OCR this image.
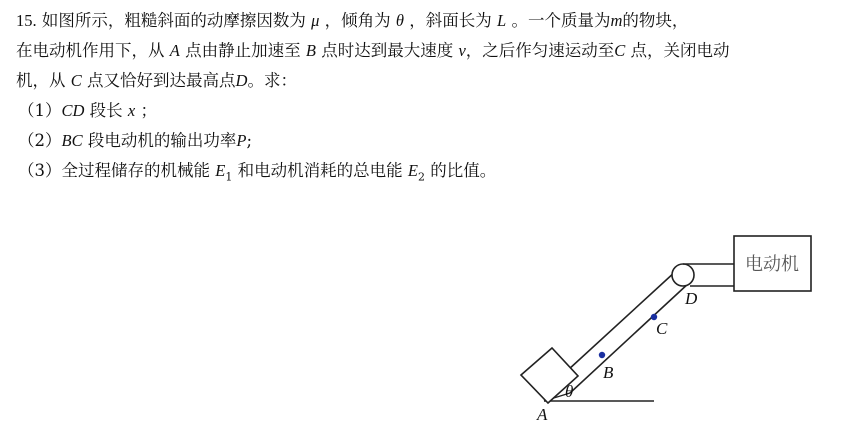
15. 如图所示，粗糙斜面的动摩擦因数为 μ ，倾角为 θ ，斜面长为 L 。一个质量为m的物块，
在电动机作用下，从 A 点由静止加速至 B 点时达到最大速度 v，之后作匀速运动至C 点，关闭电动
机，从 C 点又恰好到达最高点D。求：
（1）CD 段长 x ；
（2）BC 段电动机的输出功率P;
（3）全过程储存的机械能 $E_1$ 和电动机消耗的总电能 $E_2$ 的比值。
电动机
A
θ
B
C
D
